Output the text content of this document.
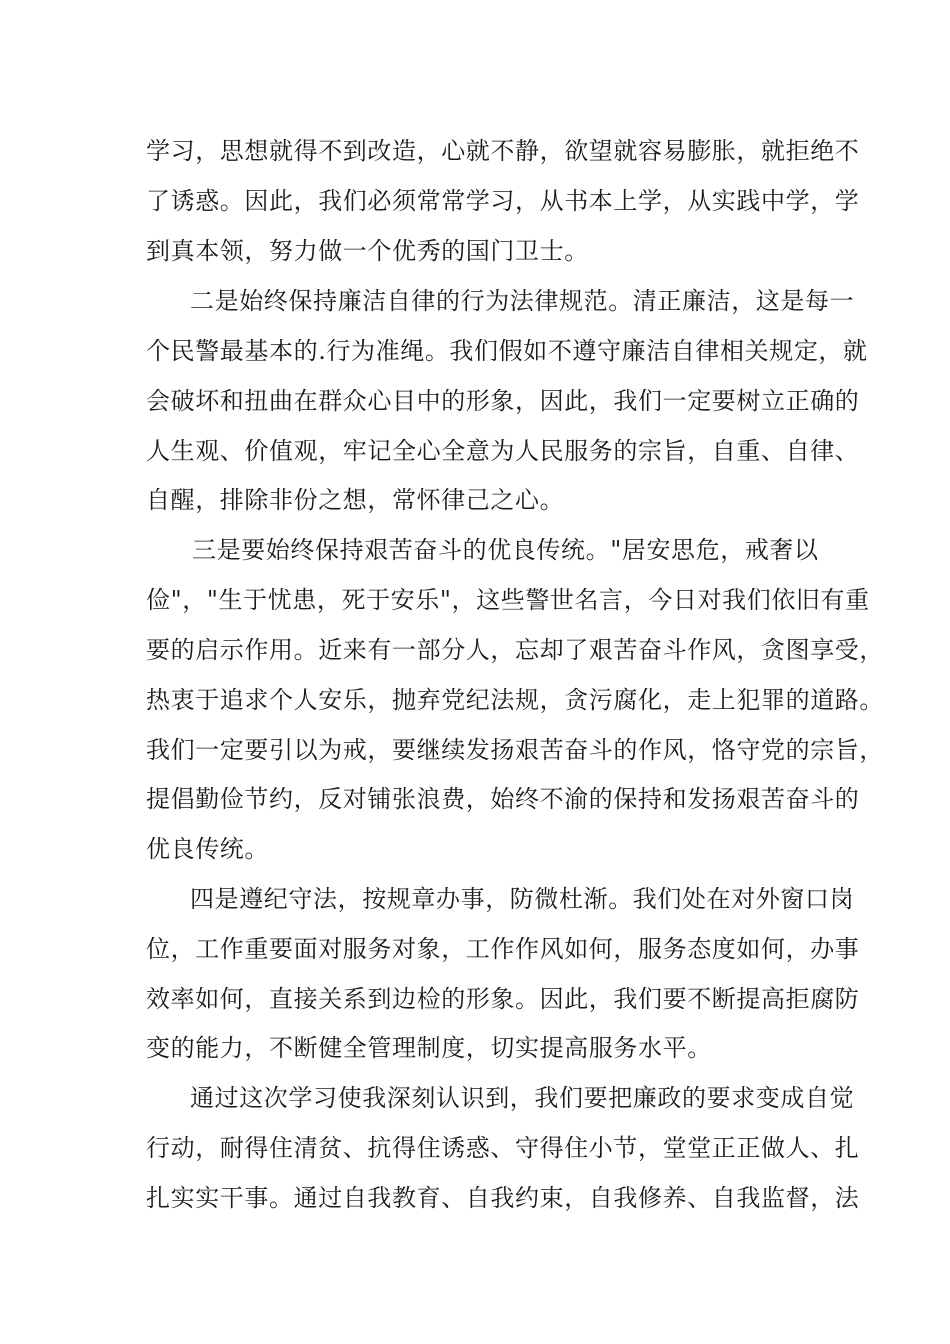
学习，思想就得不到改造，心就不静，欲望就容易膨胀，就拒绝不
了诱惑。因此，我们必须常常学习，从书本上学，从实践中学，学
到真本领，努力做一个优秀的国门卫士。
二是始终保持廉洁自律的行为法律规范。清正廉洁，这是每一
个民警最基本的.行为准绳。我们假如不遵守廉洁自律相关规定，就
会破坏和扭曲在群众心目中的形象，因此，我们一定要树立正确的
人生观、价值观，牢记全心全意为人民服务的宗旨，自重、自律、
自醒，排除非份之想，常怀律己之心。
三是要始终保持艰苦奋斗的优良传统。"居安思危，戒奢以
俭"，"生于忧患，死于安乐"，这些警世名言，今日对我们依旧有重
要的启示作用。近来有一部分人，忘却了艰苦奋斗作风，贪图享受，
热衷于追求个人安乐，抛弃党纪法规，贪污腐化，走上犯罪的道路。
我们一定要引以为戒，要继续发扬艰苦奋斗的作风，恪守党的宗旨，
提倡勤俭节约，反对铺张浪费，始终不渝的保持和发扬艰苦奋斗的
优良传统。
四是遵纪守法，按规章办事，防微杜渐。我们处在对外窗口岗
位，工作重要面对服务对象，工作作风如何，服务态度如何，办事
效率如何，直接关系到边检的形象。因此，我们要不断提高拒腐防
变的能力，不断健全管理制度，切实提高服务水平。
通过这次学习使我深刻认识到，我们要把廉政的要求变成自觉
行动，耐得住清贫、抗得住诱惑、守得住小节，堂堂正正做人、扎
扎实实干事。通过自我教育、自我约束，自我修养、自我监督，法
